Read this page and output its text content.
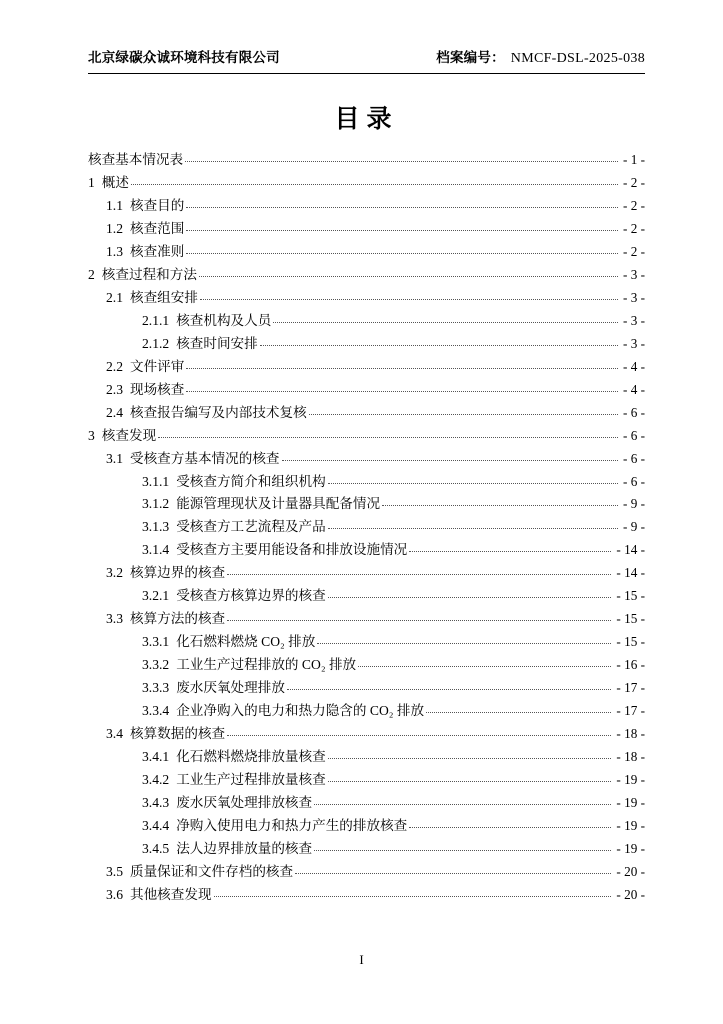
北京绿碳众诚环境科技有限公司	档案编号： NMCF-DSL-2025-038
目录
核查基本情况表	- 1 -
1 概述	- 2 -
1.1 核查目的	- 2 -
1.2 核查范围	- 2 -
1.3 核查准则	- 2 -
2 核查过程和方法	- 3 -
2.1 核查组安排	- 3 -
2.1.1 核查机构及人员	- 3 -
2.1.2 核查时间安排	- 3 -
2.2 文件评审	- 4 -
2.3 现场核查	- 4 -
2.4 核查报告编写及内部技术复核	- 6 -
3 核查发现	- 6 -
3.1 受核查方基本情况的核查	- 6 -
3.1.1 受核查方简介和组织机构	- 6 -
3.1.2 能源管理现状及计量器具配备情况	- 9 -
3.1.3 受核查方工艺流程及产品	- 9 -
3.1.4 受核查方主要用能设备和排放设施情况	- 14 -
3.2 核算边界的核查	- 14 -
3.2.1 受核查方核算边界的核查	- 15 -
3.3 核算方法的核查	- 15 -
3.3.1 化石燃料燃烧 CO₂ 排放	- 15 -
3.3.2 工业生产过程排放的 CO₂ 排放	- 16 -
3.3.3 废水厌氧处理排放	- 17 -
3.3.4 企业净购入的电力和热力隐含的 CO₂ 排放	- 17 -
3.4 核算数据的核查	- 18 -
3.4.1 化石燃料燃烧排放量核查	- 18 -
3.4.2 工业生产过程排放量核查	- 19 -
3.4.3 废水厌氧处理排放核查	- 19 -
3.4.4 净购入使用电力和热力产生的排放核查	- 19 -
3.4.5 法人边界排放量的核查	- 19 -
3.5 质量保证和文件存档的核查	- 20 -
3.6 其他核查发现	- 20 -
I
